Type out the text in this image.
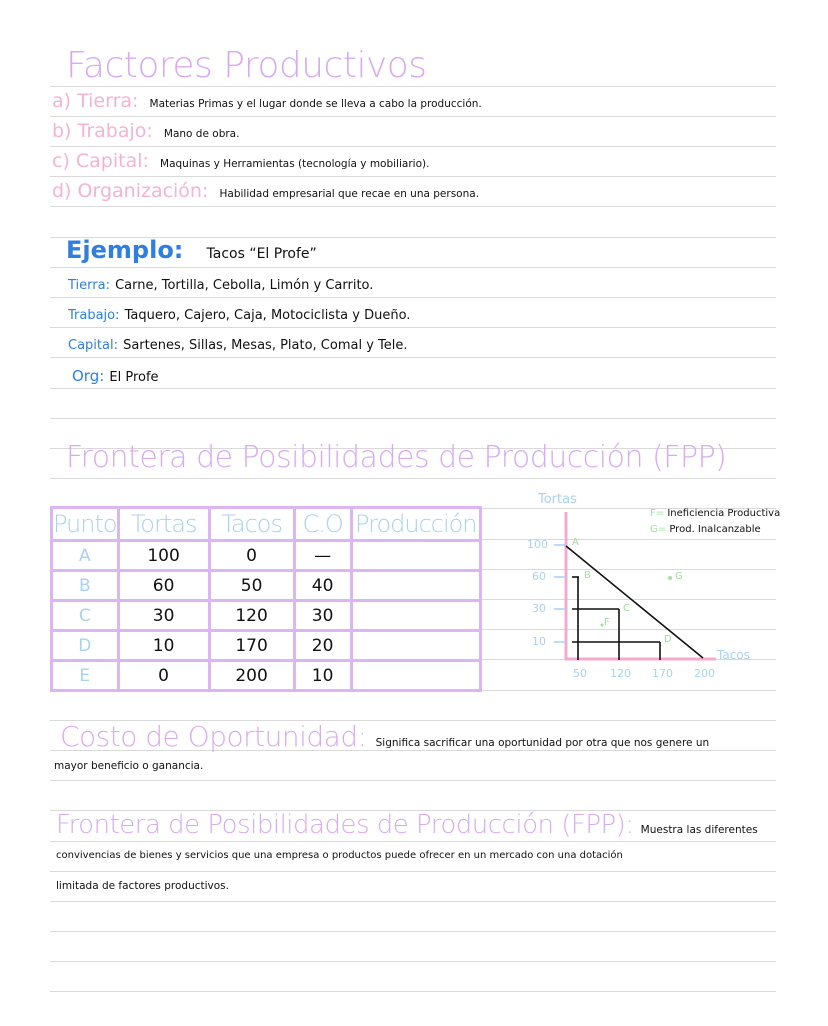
Factores Productivos
a) Tierra: Materias Primas y el lugar donde se lleva a cabo la producción.
b) Trabajo: Mano de obra.
c) Capital: Maquinas y Herramientas (tecnología y mobiliario).
d) Organización: Habilidad empresarial que recae en una persona.
Ejemplo: Tacos “El Profe”
Tierra: Carne, Tortilla, Cebolla, Limón y Carrito.
Trabajo: Taquero, Cajero, Caja, Motociclista y Dueño.
Capital: Sartenes, Sillas, Mesas, Plato, Comal y Tele.
Org: El Profe
Frontera de Posibilidades de Producción (FPP)
Punto	Tortas	Tacos	C.O	Producción
A	100	0	—	
B	60	50	40	
C	30	120	30	
D	10	170	20	
E	0	200	10	
Tortas
Tacos
100
60
30
10
50 120 170 200
A
B
C
D
F
G
F= Ineficiencia Productiva
G= Prod. Inalcanzable
Costo de Oportunidad: Significa sacrificar una oportunidad por otra que nos genere un
mayor beneficio o ganancia.
Frontera de Posibilidades de Producción (FPP): Muestra las diferentes
convivencias de bienes y servicios que una empresa o productos puede ofrecer en un mercado con una dotación
limitada de factores productivos.
